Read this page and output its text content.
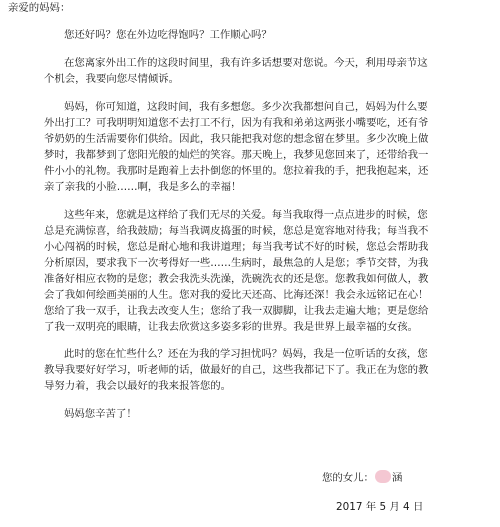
亲爱的妈妈：
您还好吗？您在外边吃得饱吗？工作顺心吗？
在您离家外出工作的这段时间里，我有许多话想要对您说。今天，利用母亲节这
个机会，我要向您尽情倾诉。
妈妈，你可知道，这段时间，我有多想您。多少次我都想问自己，妈妈为什么要
外出打工？可我明明知道您不去打工不行，因为有我和弟弟这两张小嘴要吃，还有爷
爷奶奶的生活需要你们供给。因此，我只能把我对您的想念留在梦里。多少次晚上做
梦时，我都梦到了您阳光般的灿烂的笑容。那天晚上，我梦见您回来了，还带给我一
件小小的礼物。我那时是跑着上去扑倒您的怀里的。您拉着我的手，把我抱起来，还
亲了亲我的小脸……啊，我是多么的幸福！
这些年来，您就是这样给了我们无尽的关爱。每当我取得一点点进步的时候，您
总是充满惊喜，给我鼓励；每当我调皮捣蛋的时候，您总是宽容地对待我；每当我不
小心闯祸的时候，您总是耐心地和我讲道理；每当我考试不好的时候，您总会帮助我
分析原因，要求我下一次考得好一些……生病时，最焦急的人是您；季节交替，为我
准备好相应衣物的是您；教会我洗头洗澡，洗碗洗衣的还是您。您教我如何做人，教
会了我如何绘画美丽的人生。您对我的爱比天还高、比海还深！我会永远铭记在心！
您给了我一双手，让我去改变人生；您给了我一双脚脚，让我去走遍大地；更是您给
了我一双明亮的眼睛，让我去欣赏这多姿多彩的世界。我是世界上最幸福的女孩。
此时的您在忙些什么？还在为我的学习担忧吗？妈妈，我是一位听话的女孩，您
教导我要好好学习，听老师的话，做最好的自己，这些我都记下了。我正在为您的教
导努力着，我会以最好的我来报答您的。
妈妈您辛苦了！
您的女儿： 涵
2017 年 5 月 4 日
